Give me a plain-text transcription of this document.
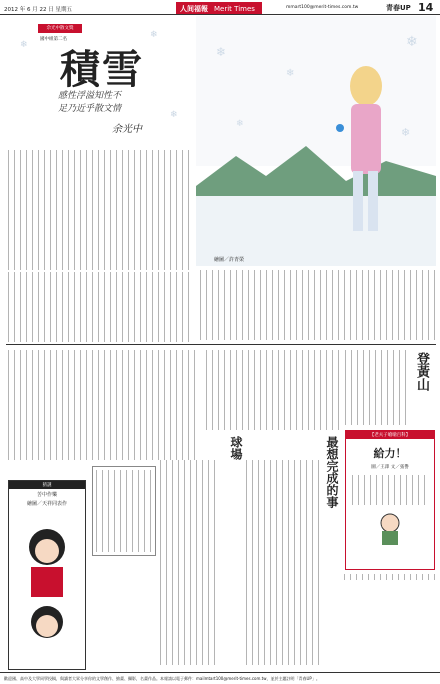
2012 年 6 月 22 日 星期五	人间福報 Merit Times	mmart100@merit-times.com.tw	青春UP 14
佘光中散文獎
國中組第二名
積雪
感性浮溢知性不
足乃近乎散文情
余光中
❄
❄
❄
❄
❄
❄
❄
❄
繪圖／許青榮
登黃山
最想完成的事
球場
猜謎
苦中作樂
繪圖／天祥同表作
【老夫子嗆嗆百科】
給力！
圖／王澤 文／張譽
歡迎國、高中及大學同學投稿，與讀者大眾分享你的文學創作、繪畫、攝影，名畫作品。本報請以電子郵件：mailmtart100@merit-times.com.tw，並於主題註明「青春UP」。
